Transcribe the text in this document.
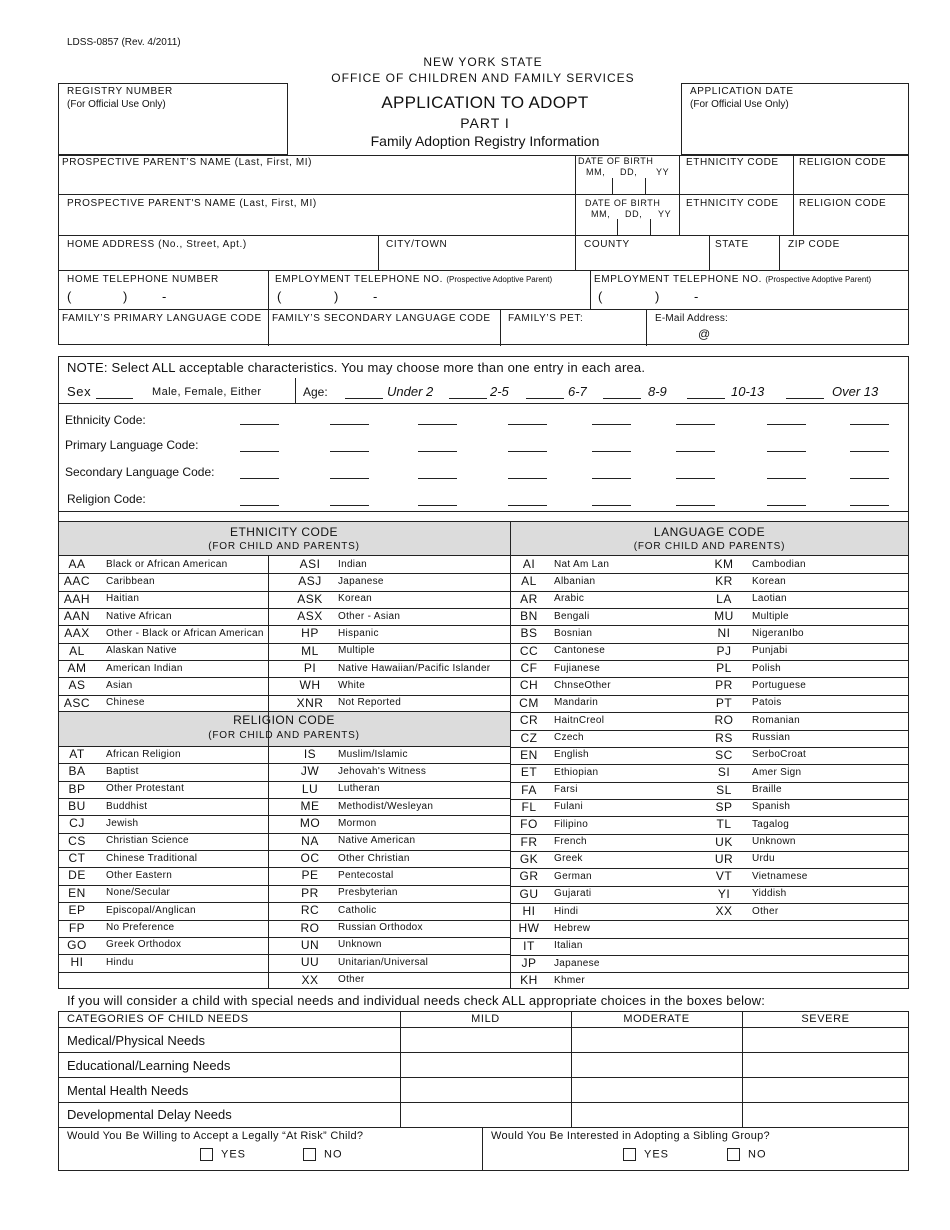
LDSS-0857 (Rev. 4/2011)
NEW YORK STATE
OFFICE OF CHILDREN AND FAMILY SERVICES
REGISTRY NUMBER
(For Official Use Only)	APPLICATION TO ADOPT
PART I
Family Adoption Registry Information
APPLICATION DATE
(For Official Use Only)
PROSPECTIVE PARENT’S NAME (Last, First, MI)	DATE OF BIRTH
MM, DD, YY
ETHNICITY CODE RELIGION CODE
PROSPECTIVE PARENT'S NAME (Last, First, MI)	DATE OF BIRTH
MM, DD, YY
ETHNICITY CODE RELIGION CODE
HOME ADDRESS (No., Street, Apt.)	CITY/TOWN	COUNTY	STATE	ZIP CODE
HOME TELEPHONE NUMBER
(	)	-
EMPLOYMENT TELEPHONE NO. (Prospective Adoptive Parent)
(	)	-
EMPLOYMENT TELEPHONE NO. (Prospective Adoptive Parent)
(	)	-
FAMILY’S PRIMARY LANGUAGE CODE FAMILY’S SECONDARY LANGUAGE CODE FAMILY’S PET:	E-Mail Address:
@
NOTE: Select ALL acceptable characteristics. You may choose more than one entry in each area.
Sex	Male, Female, Either	Age:	Under 2	2-5	6-7	8-9	10-13	Over 13
Ethnicity Code:
Primary Language Code:
Secondary Language Code:
Religion Code:
ETHNICITY CODE
(FOR CHILD AND PARENTS)
LANGUAGE CODE
(FOR CHILD AND PARENTS)
RELIGION CODE
(FOR CHILD AND PARENTS)
AA	Black or African American
AAC	Caribbean
AAH	Haitian
AAN	Native African
AAX	Other - Black or African American
AL	Alaskan Native
AM	American Indian
AS	Asian
ASC	Chinese
ASI	Indian
ASJ	Japanese
ASK	Korean
ASX	Other - Asian
HP	Hispanic
ML	Multiple
PI	Native Hawaiian/Pacific Islander
WH	White
XNR	Not Reported
AT	African Religion
BA	Baptist
BP	Other Protestant
BU	Buddhist
CJ	Jewish
CS	Christian Science
CT	Chinese Traditional
DE	Other Eastern
EN	None/Secular
EP	Episcopal/Anglican
FP	No Preference
GO	Greek Orthodox
HI	Hindu
IS	Muslim/Islamic
JW	Jehovah's Witness
LU	Lutheran
ME	Methodist/Wesleyan
MO	Mormon
NA	Native American
OC	Other Christian
PE	Pentecostal
PR	Presbyterian
RC	Catholic
RO	Russian Orthodox
UN	Unknown
UU	Unitarian/Universal
XX	Other
AI	Nat Am Lan
AL	Albanian
AR	Arabic
BN	Bengali
BS	Bosnian
CC	Cantonese
CF	Fujianese
CH	ChnseOther
CM	Mandarin
CR	HaitnCreol
CZ	Czech
EN	English
ET	Ethiopian
FA	Farsi
FL	Fulani
FO	Filipino
FR	French
GK	Greek
GR	German
GU	Gujarati
HI	Hindi
HW	Hebrew
IT	Italian
JP	Japanese
KH	Khmer
KM	Cambodian
KR	Korean
LA	Laotian
MU	Multiple
NI	NigeranIbo
PJ	Punjabi
PL	Polish
PR	Portuguese
PT	Patois
RO	Romanian
RS	Russian
SC	SerboCroat
SI	Amer Sign
SL	Braille
SP	Spanish
TL	Tagalog
UK	Unknown
UR	Urdu
VT	Vietnamese
YI	Yiddish
XX	Other
If you will consider a child with special needs and individual needs check ALL appropriate choices in the boxes below:
CATEGORIES OF CHILD NEEDS	MILD	MODERATE	SEVERE
Medical/Physical Needs
Educational/Learning Needs
Mental Health Needs
Developmental Delay Needs
Would You Be Willing to Accept a Legally “At Risk” Child?
YES	NO
Would You Be Interested in Adopting a Sibling Group?
YES	NO
